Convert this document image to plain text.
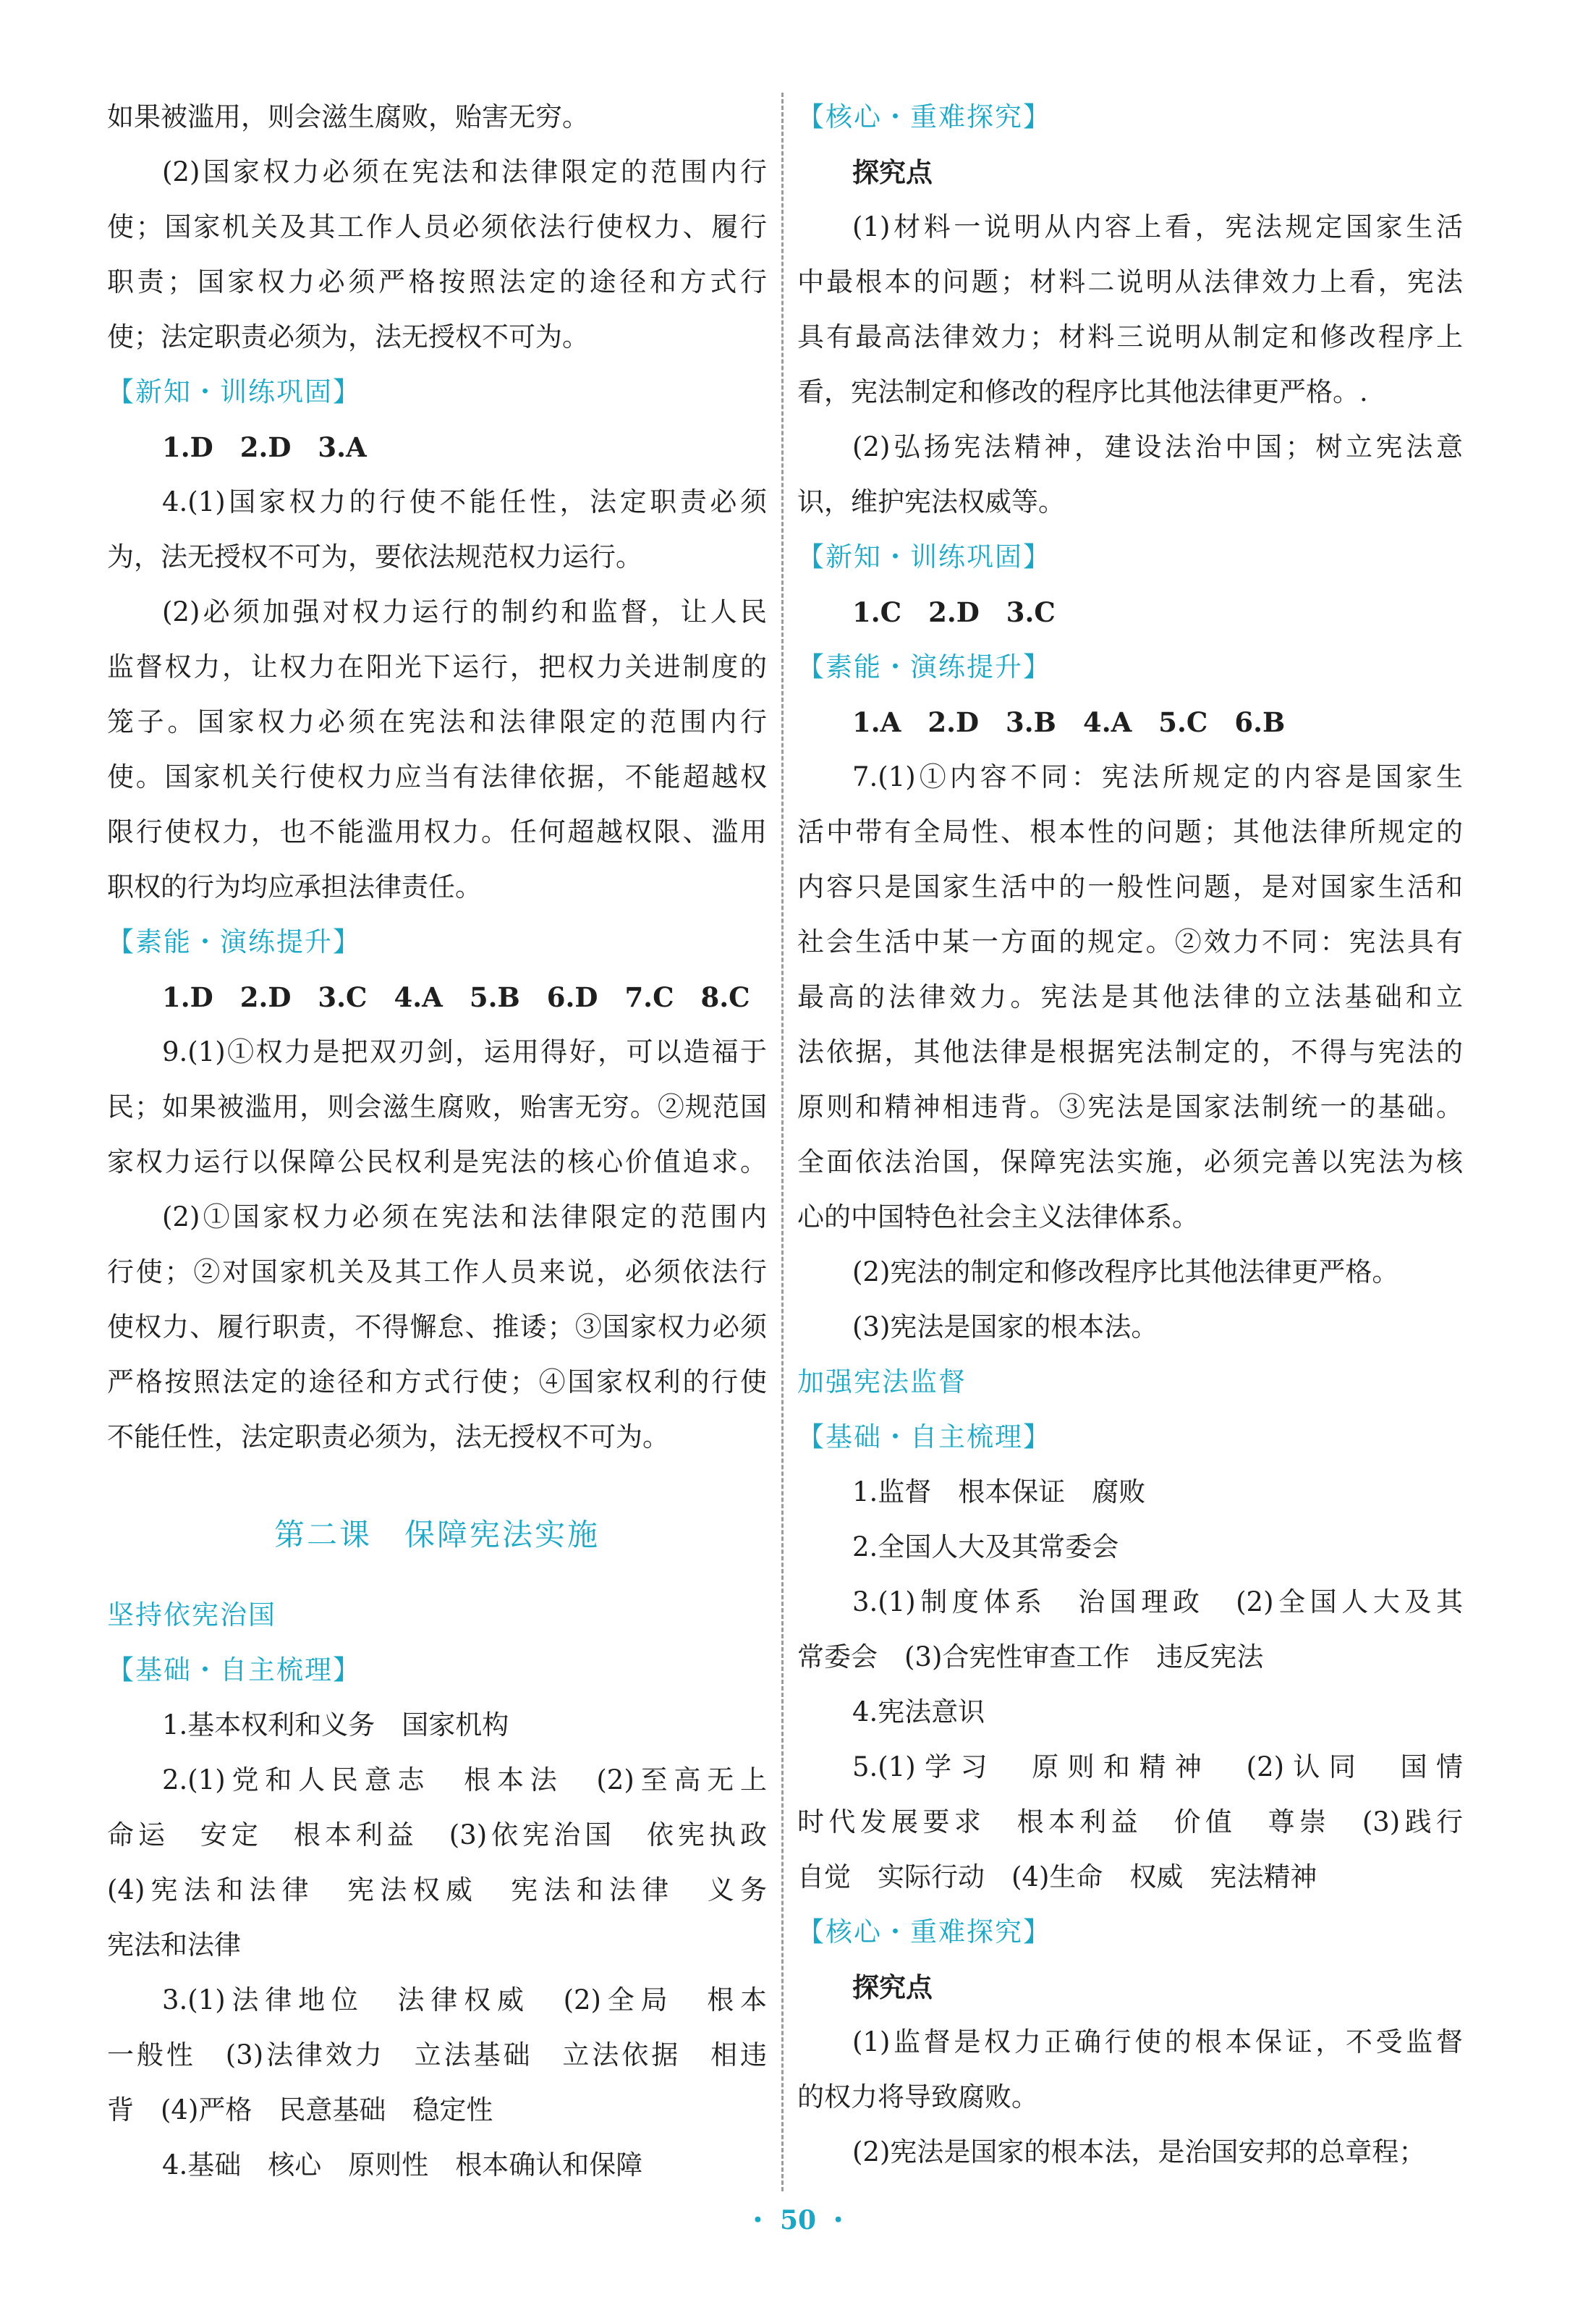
如果被滥用，则会滋生腐败，贻害无穷。
(2)国家权力必须在宪法和法律限定的范围内行
使；国家机关及其工作人员必须依法行使权力、履行
职责；国家权力必须严格按照法定的途径和方式行
使；法定职责必须为，法无授权不可为。
【新知・训练巩固】
1.D　2.D　3.A
4.(1)国家权力的行使不能任性，法定职责必须
为，法无授权不可为，要依法规范权力运行。
(2)必须加强对权力运行的制约和监督，让人民
监督权力，让权力在阳光下运行，把权力关进制度的
笼子。国家权力必须在宪法和法律限定的范围内行
使。国家机关行使权力应当有法律依据，不能超越权
限行使权力，也不能滥用权力。任何超越权限、滥用
职权的行为均应承担法律责任。
【素能・演练提升】
1.D　2.D　3.C　4.A　5.B　6.D　7.C　8.C
9.(1)①权力是把双刃剑，运用得好，可以造福于
民；如果被滥用，则会滋生腐败，贻害无穷。②规范国
家权力运行以保障公民权利是宪法的核心价值追求。
(2)①国家权力必须在宪法和法律限定的范围内
行使；②对国家机关及其工作人员来说，必须依法行
使权力、履行职责，不得懈怠、推诿；③国家权力必须
严格按照法定的途径和方式行使；④国家权利的行使
不能任性，法定职责必须为，法无授权不可为。
第二课　保障宪法实施
坚持依宪治国
【基础・自主梳理】
1.基本权利和义务　国家机构
2.(1)党和人民意志　根本法　(2)至高无上
命运　安定　根本利益　(3)依宪治国　依宪执政
(4)宪法和法律　宪法权威　宪法和法律　义务
宪法和法律
3.(1)法律地位　法律权威　(2)全局　根本
一般性　(3)法律效力　立法基础　立法依据　相违
背　(4)严格　民意基础　稳定性
4.基础　核心　原则性　根本确认和保障
【核心・重难探究】
探究点
(1)材料一说明从内容上看，宪法规定国家生活
中最根本的问题；材料二说明从法律效力上看，宪法
具有最高法律效力；材料三说明从制定和修改程序上
看，宪法制定和修改的程序比其他法律更严格。.
(2)弘扬宪法精神，建设法治中国；树立宪法意
识，维护宪法权威等。
【新知・训练巩固】
1.C　2.D　3.C
【素能・演练提升】
1.A　2.D　3.B　4.A　5.C　6.B
7.(1)①内容不同：宪法所规定的内容是国家生
活中带有全局性、根本性的问题；其他法律所规定的
内容只是国家生活中的一般性问题，是对国家生活和
社会生活中某一方面的规定。②效力不同：宪法具有
最高的法律效力。宪法是其他法律的立法基础和立
法依据，其他法律是根据宪法制定的，不得与宪法的
原则和精神相违背。③宪法是国家法制统一的基础。
全面依法治国，保障宪法实施，必须完善以宪法为核
心的中国特色社会主义法律体系。
(2)宪法的制定和修改程序比其他法律更严格。
(3)宪法是国家的根本法。
加强宪法监督
【基础・自主梳理】
1.监督　根本保证　腐败
2.全国人大及其常委会
3.(1)制度体系　治国理政　(2)全国人大及其
常委会　(3)合宪性审查工作　违反宪法
4.宪法意识
5.(1)学习　原则和精神　(2)认同　国情
时代发展要求　根本利益　价值　尊崇　(3)践行
自觉　实际行动　(4)生命　权威　宪法精神
【核心・重难探究】
探究点
(1)监督是权力正确行使的根本保证，不受监督
的权力将导致腐败。
(2)宪法是国家的根本法，是治国安邦的总章程；
・ 50 ・
